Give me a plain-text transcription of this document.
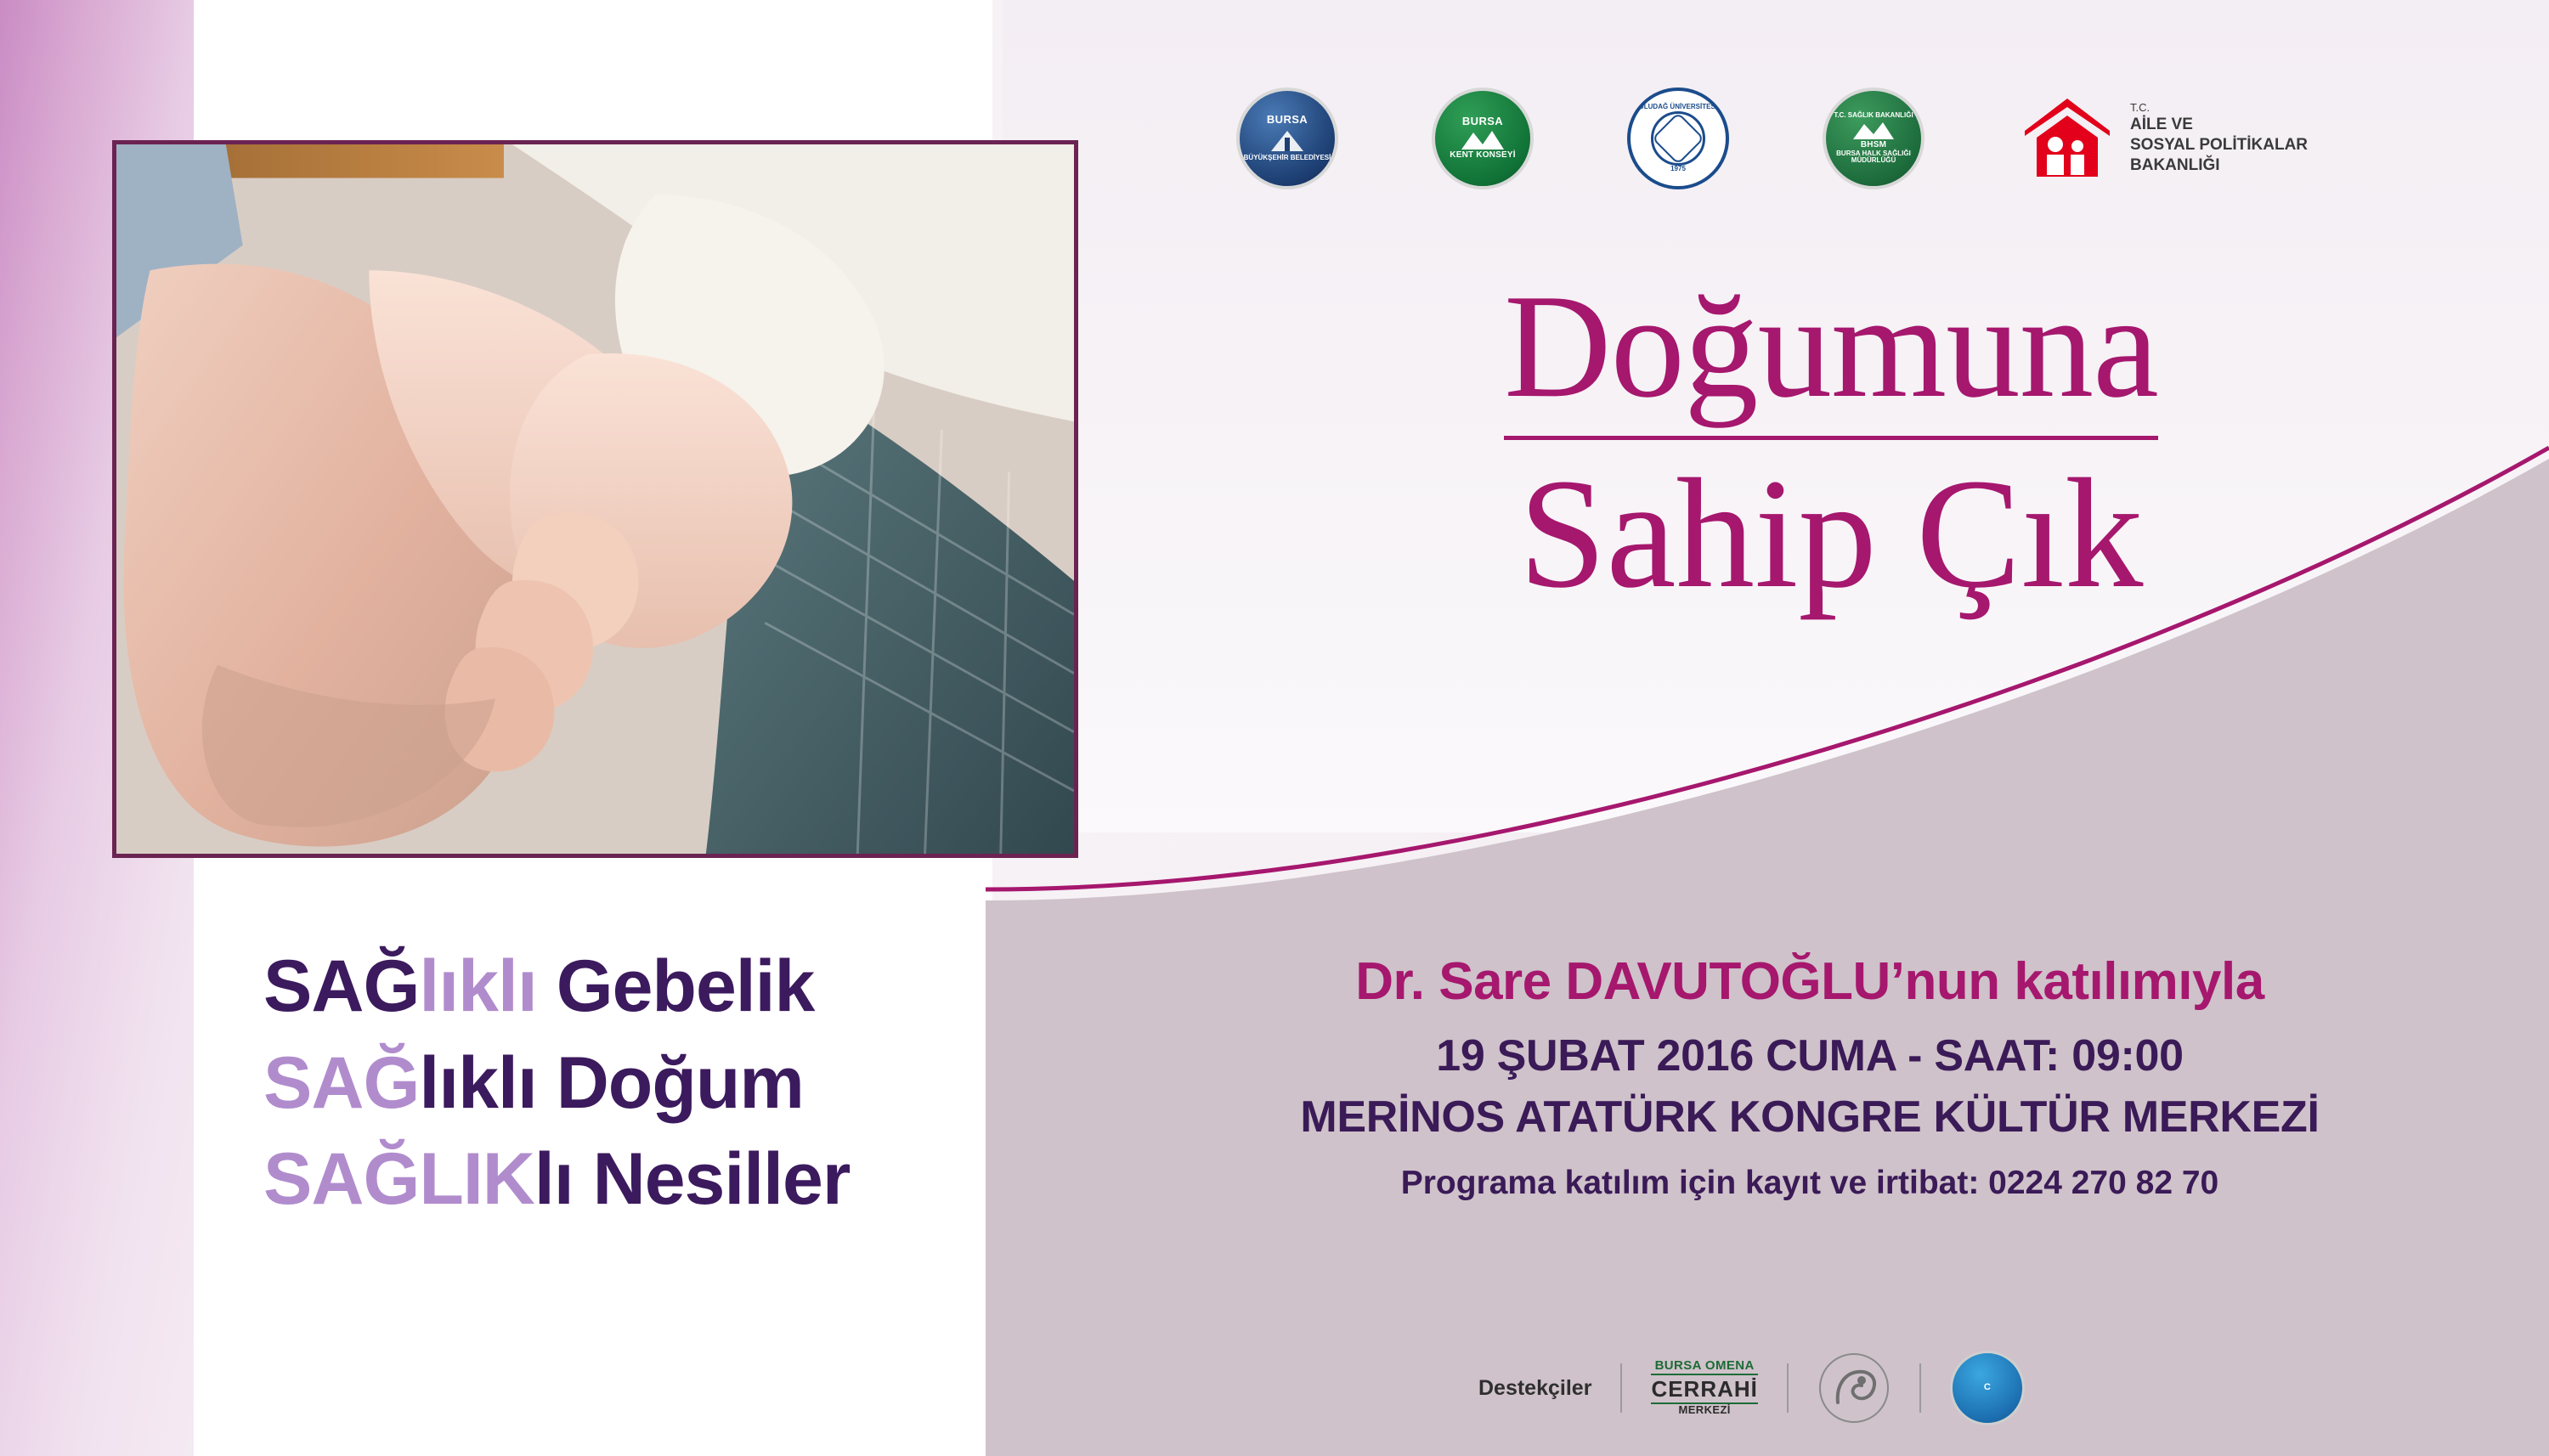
BURSA
BÜYÜKŞEHİR BELEDİYESİ
BURSA
KENT KONSEYİ
ULUDAĞ ÜNİVERSİTESİ
1975
T.C. SAĞLIK BAKANLIĞI
BHSM
BURSA HALK SAĞLIĞI MÜDÜRLÜĞÜ
T.C.
AİLE VE
SOSYAL POLİTİKALAR
BAKANLIĞI
Doğumuna
Sahip Çık
SAĞlıklı Gebelik
SAĞlıklı Doğum
SAĞLIKlı Nesiller
Dr. Sare DAVUTOĞLU’nun katılımıyla
19 ŞUBAT 2016 CUMA - SAAT: 09:00
MERİNOS ATATÜRK KONGRE KÜLTÜR MERKEZİ
Programa katılım için kayıt ve irtibat: 0224 270 82 70
Destekçiler
BURSA OMENA
CERRAHİ
MERKEZİ
C
